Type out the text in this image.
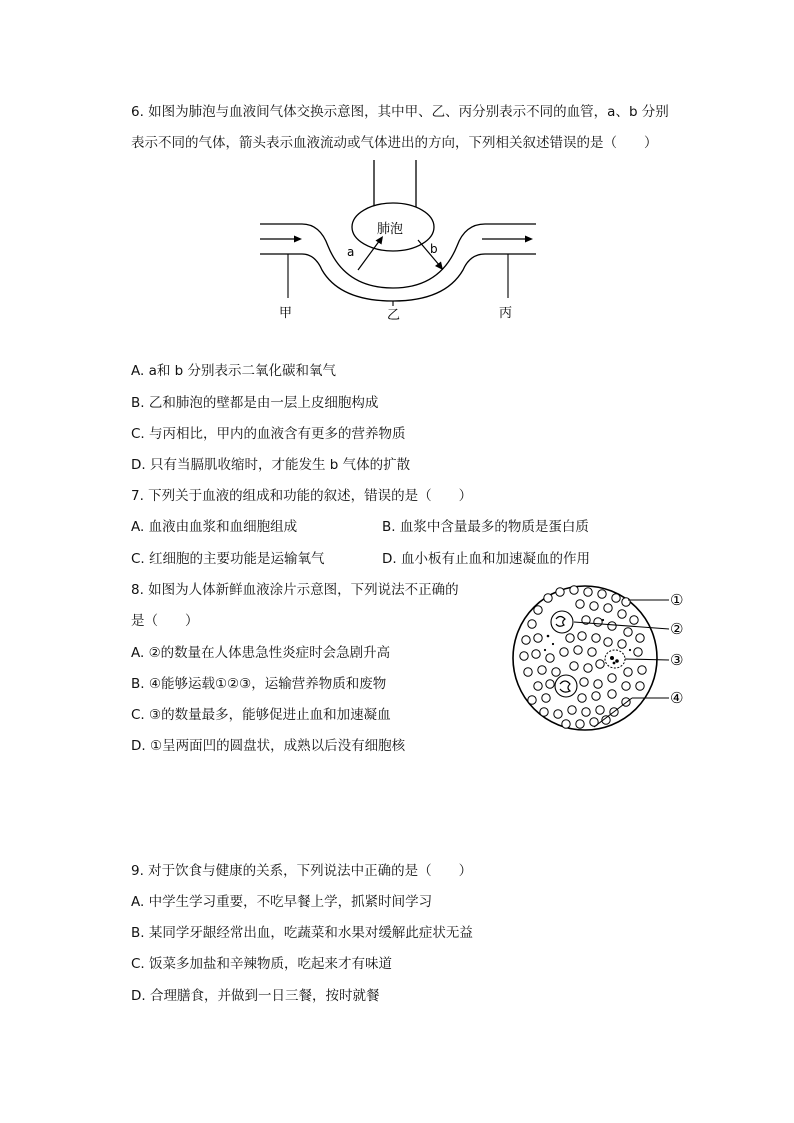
6. 如图为肺泡与血液间气体交换示意图，其中甲、乙、丙分别表示不同的血管，a、b 分别
表示不同的气体，箭头表示血液流动或气体进出的方向，下列相关叙述错误的是（　　）
肺泡
a	b
甲	乙	丙
A. a和 b 分别表示二氧化碳和氧气
B. 乙和肺泡的壁都是由一层上皮细胞构成
C. 与丙相比，甲内的血液含有更多的营养物质
D. 只有当膈肌收缩时，才能发生 b 气体的扩散
7. 下列关于血液的组成和功能的叙述，错误的是（　　）
A. 血液由血浆和血细胞组成	B. 血浆中含量最多的物质是蛋白质
C. 红细胞的主要功能是运输氧气	D. 血小板有止血和加速凝血的作用
8. 如图为人体新鲜血液涂片示意图，下列说法不正确的
是（　　）
A. ②的数量在人体患急性炎症时会急剧升高
B. ④能够运载①②③，运输营养物质和废物
C. ③的数量最多，能够促进止血和加速凝血
D. ①呈两面凹的圆盘状，成熟以后没有细胞核
①
②
③
④
9. 对于饮食与健康的关系，下列说法中正确的是（　　）
A. 中学生学习重要，不吃早餐上学，抓紧时间学习
B. 某同学牙龈经常出血，吃蔬菜和水果对缓解此症状无益
C. 饭菜多加盐和辛辣物质，吃起来才有味道
D. 合理膳食，并做到一日三餐，按时就餐
